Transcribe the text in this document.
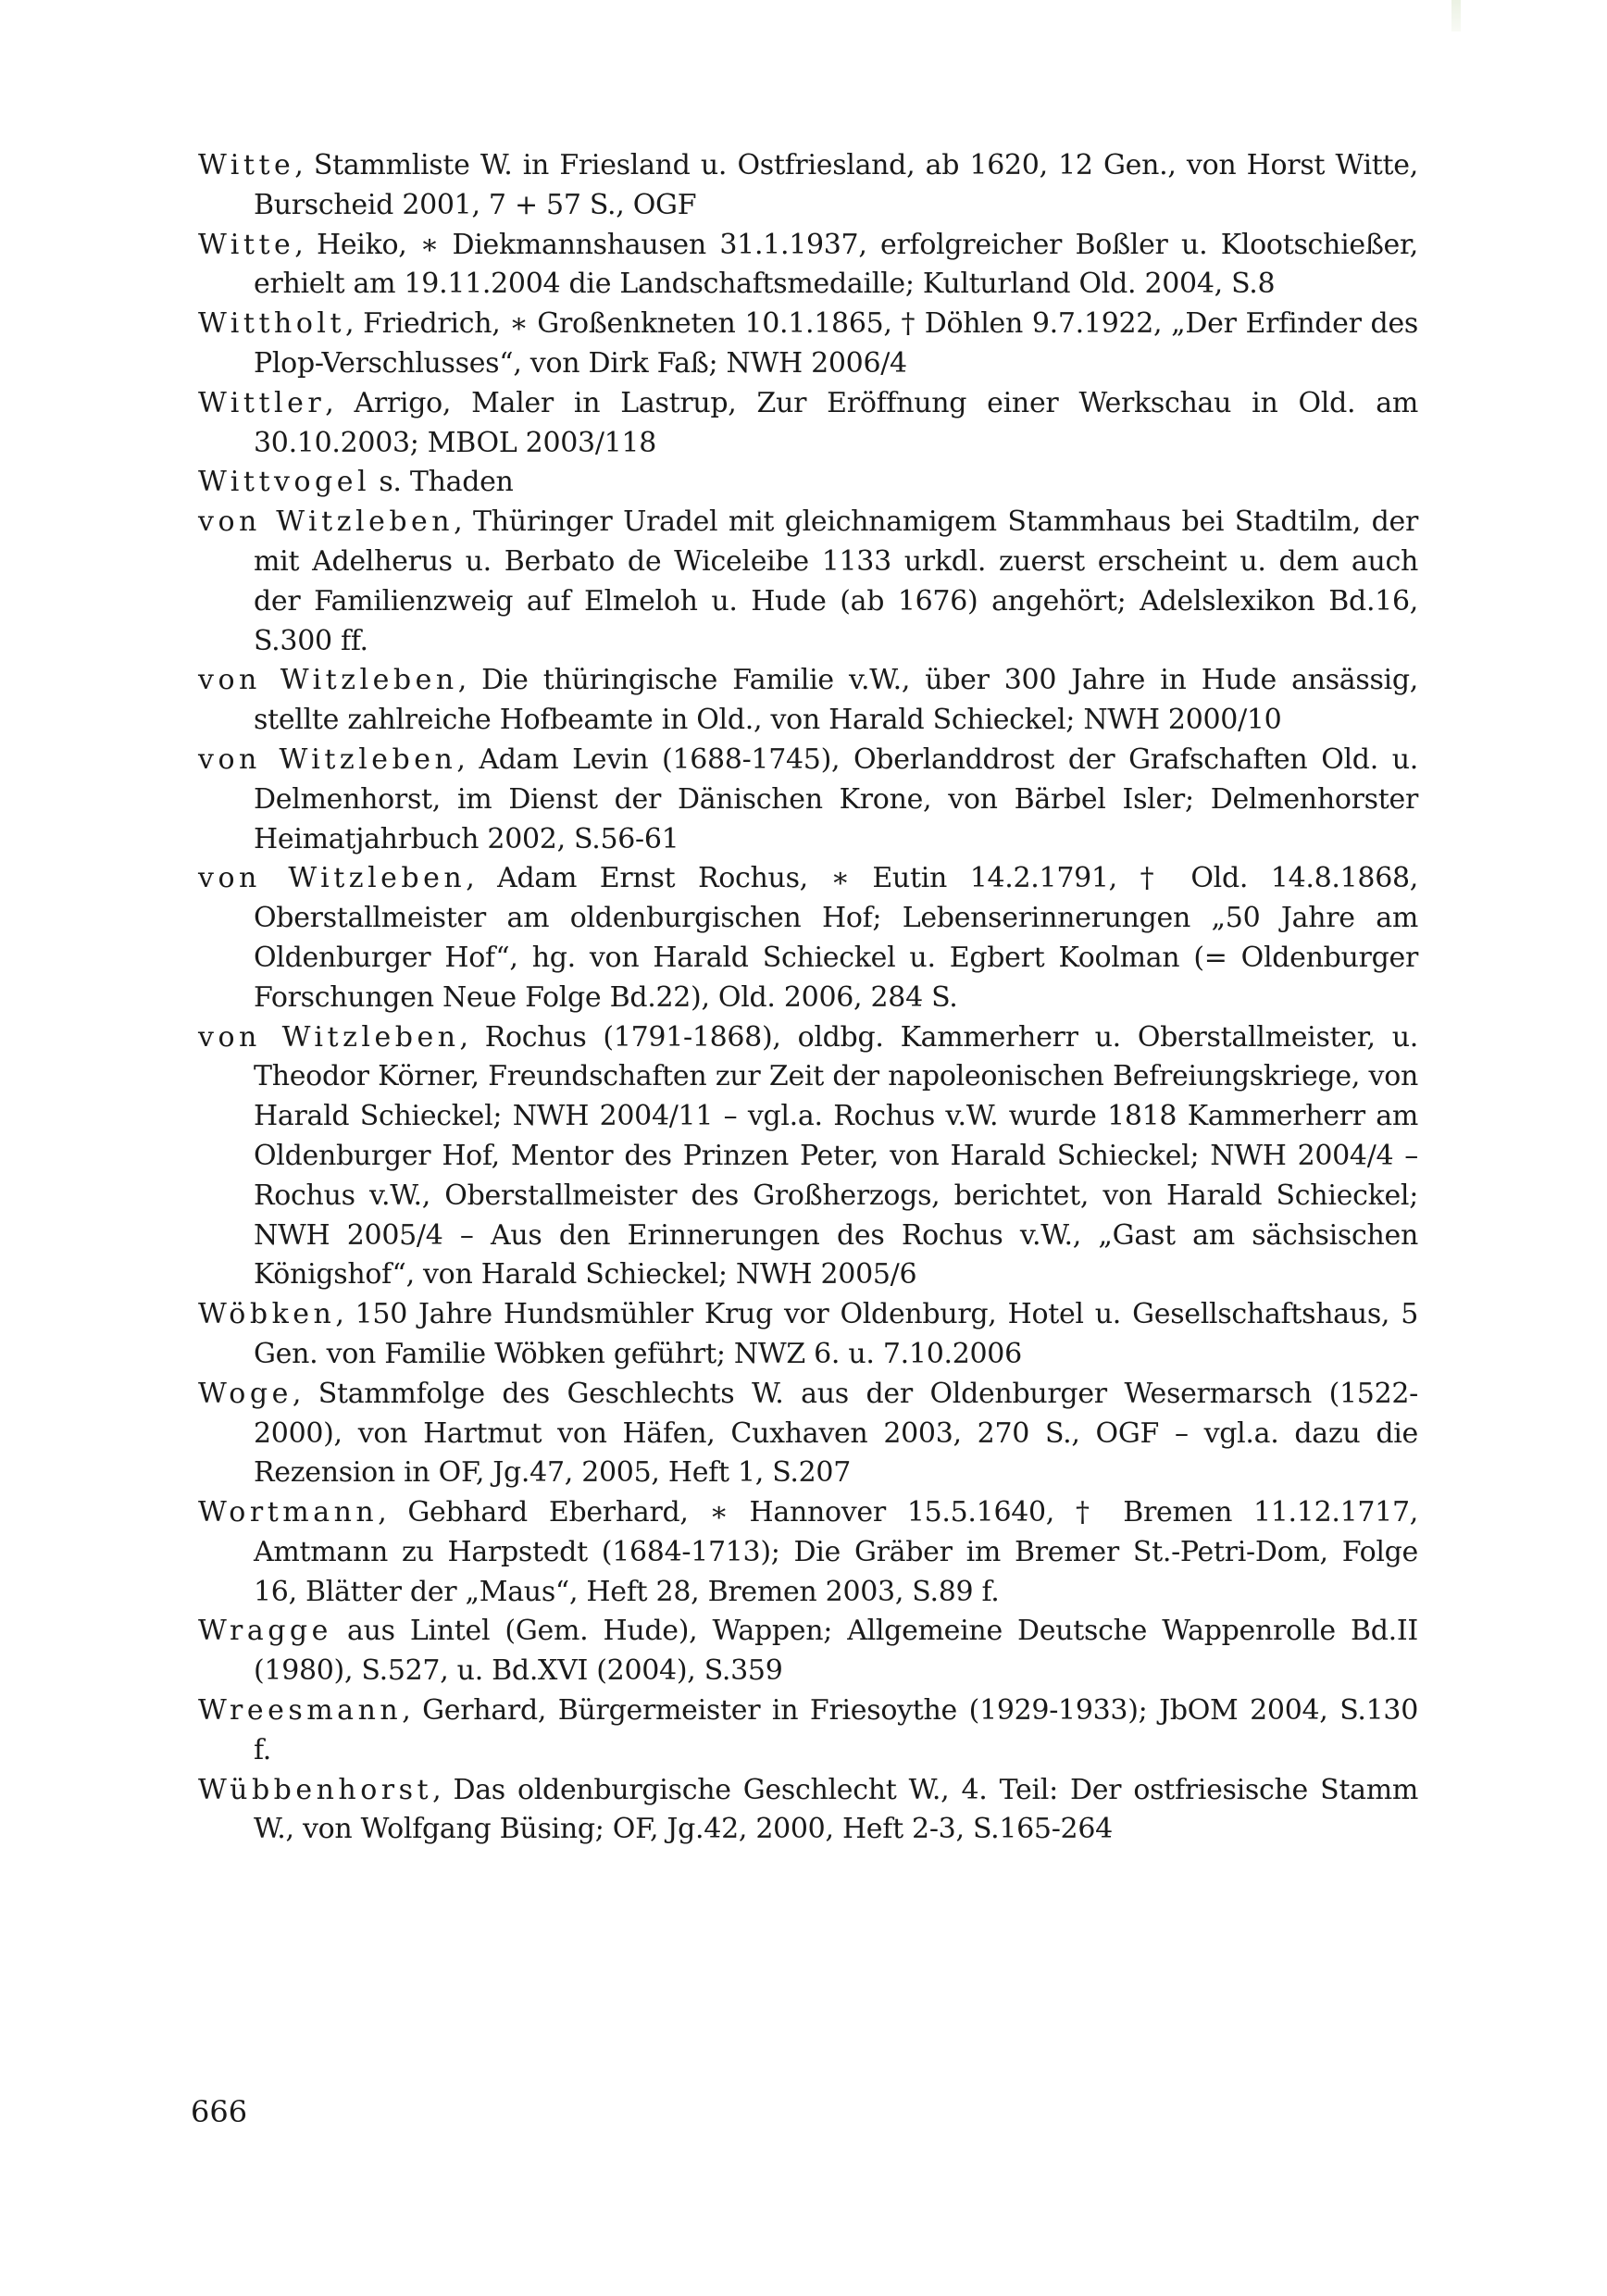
Witte, Stammliste W. in Friesland u. Ostfriesland, ab 1620, 12 Gen., von Horst Witte, Burscheid 2001, 7 + 57 S., OGF

Witte, Heiko, ∗ Diekmannshausen 31.1.1937, erfolgreicher Boßler u. Klootschießer, erhielt am 19.11.2004 die Landschaftsmedaille; Kulturland Old. 2004, S.8

Wittholt, Friedrich, ∗ Großenkneten 10.1.1865, † Döhlen 9.7.1922, „Der Erfinder des Plop-Verschlusses“, von Dirk Faß; NWH 2006/4

Wittler, Arrigo, Maler in Lastrup, Zur Eröffnung einer Werkschau in Old. am 30.10.2003; MBOL 2003/118

Wittvogel s. Thaden

von Witzleben, Thüringer Uradel mit gleichnamigem Stammhaus bei Stadtilm, der mit Adelherus u. Berbato de Wiceleibe 1133 urkdl. zuerst erscheint u. dem auch der Familienzweig auf Elmeloh u. Hude (ab 1676) angehört; Adelslexikon Bd.16, S.300 ff.

von Witzleben, Die thüringische Familie v.W., über 300 Jahre in Hude ansässig, stellte zahlreiche Hofbeamte in Old., von Harald Schieckel; NWH 2000/10

von Witzleben, Adam Levin (1688-1745), Oberlanddrost der Grafschaften Old. u. Delmenhorst, im Dienst der Dänischen Krone, von Bärbel Isler; Delmenhorster Heimatjahrbuch 2002, S.56-61

von Witzleben, Adam Ernst Rochus, ∗ Eutin 14.2.1791, † Old. 14.8.1868, Oberstallmeister am oldenburgischen Hof; Lebenserinnerungen „50 Jahre am Oldenburger Hof“, hg. von Harald Schieckel u. Egbert Koolman (= Oldenburger Forschungen Neue Folge Bd.22), Old. 2006, 284 S.

von Witzleben, Rochus (1791-1868), oldbg. Kammerherr u. Oberstallmeister, u. Theodor Körner, Freundschaften zur Zeit der napoleonischen Befreiungskriege, von Harald Schieckel; NWH 2004/11 – vgl.a. Rochus v.W. wurde 1818 Kammerherr am Oldenburger Hof, Mentor des Prinzen Peter, von Harald Schieckel; NWH 2004/4 – Rochus v.W., Oberstallmeister des Großherzogs, berichtet, von Harald Schieckel; NWH 2005/4 – Aus den Erinnerungen des Rochus v.W., „Gast am sächsischen Königshof“, von Harald Schieckel; NWH 2005/6

Wöbken, 150 Jahre Hundsmühler Krug vor Oldenburg, Hotel u. Gesellschaftshaus, 5 Gen. von Familie Wöbken geführt; NWZ 6. u. 7.10.2006

Woge, Stammfolge des Geschlechts W. aus der Oldenburger Wesermarsch (1522-2000), von Hartmut von Häfen, Cuxhaven 2003, 270 S., OGF – vgl.a. dazu die Rezension in OF, Jg.47, 2005, Heft 1, S.207

Wortmann, Gebhard Eberhard, ∗ Hannover 15.5.1640, † Bremen 11.12.1717, Amtmann zu Harpstedt (1684-1713); Die Gräber im Bremer St.-Petri-Dom, Folge 16, Blätter der „Maus“, Heft 28, Bremen 2003, S.89 f.

Wragge aus Lintel (Gem. Hude), Wappen; Allgemeine Deutsche Wappenrolle Bd.II (1980), S.527, u. Bd.XVI (2004), S.359

Wreesmann, Gerhard, Bürgermeister in Friesoythe (1929-1933); JbOM 2004, S.130 f.

Wübbenhorst, Das oldenburgische Geschlecht W., 4. Teil: Der ostfriesische Stamm W., von Wolfgang Büsing; OF, Jg.42, 2000, Heft 2-3, S.165-264

666
